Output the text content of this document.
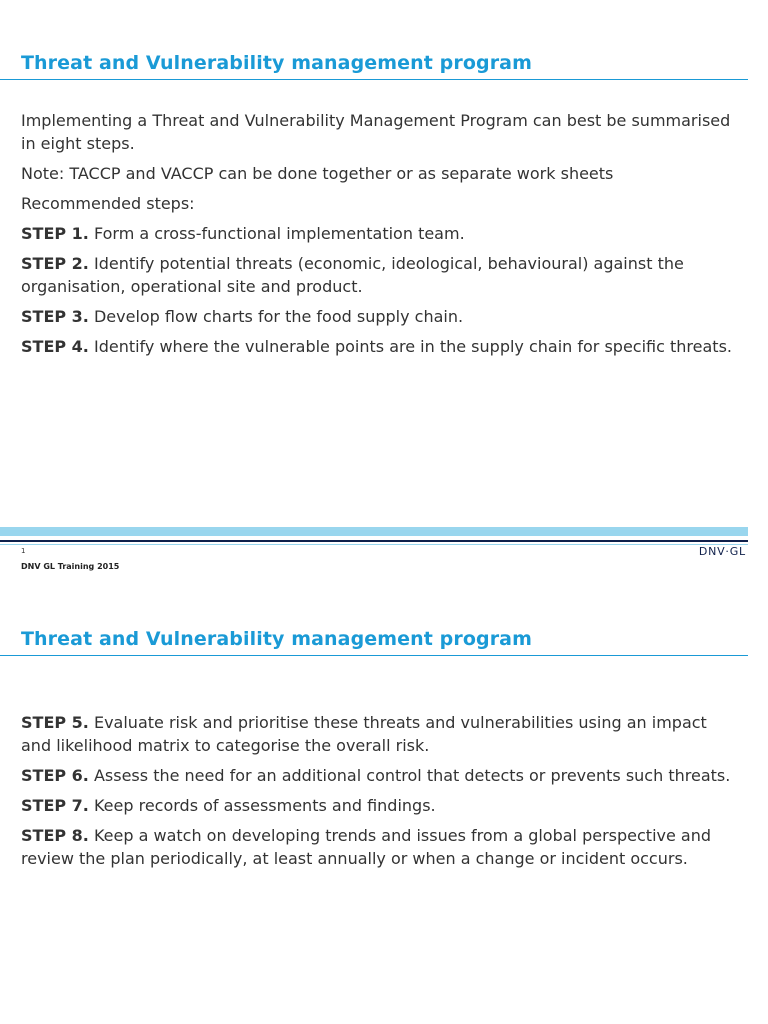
Threat and Vulnerability management program

Implementing a Threat and Vulnerability Management Program can best be summarised in eight steps.

Note: TACCP and VACCP can be done together or as separate work sheets

Recommended steps:

STEP 1. Form a cross-functional implementation team.

STEP 2. Identify potential threats (economic, ideological, behavioural) against the organisation, operational site and product.

STEP 3. Develop flow charts for the food supply chain.

STEP 4. Identify where the vulnerable points are in the supply chain for specific threats.

1
DNV GL Training 2015
DNV·GL
Threat and Vulnerability management program

STEP 5. Evaluate risk and prioritise these threats and vulnerabilities using an impact and likelihood matrix to categorise the overall risk.

STEP 6. Assess the need for an additional control that detects or prevents such threats.

STEP 7. Keep records of assessments and findings.

STEP 8. Keep a watch on developing trends and issues from a global perspective and review the plan periodically, at least annually or when a change or incident occurs.
